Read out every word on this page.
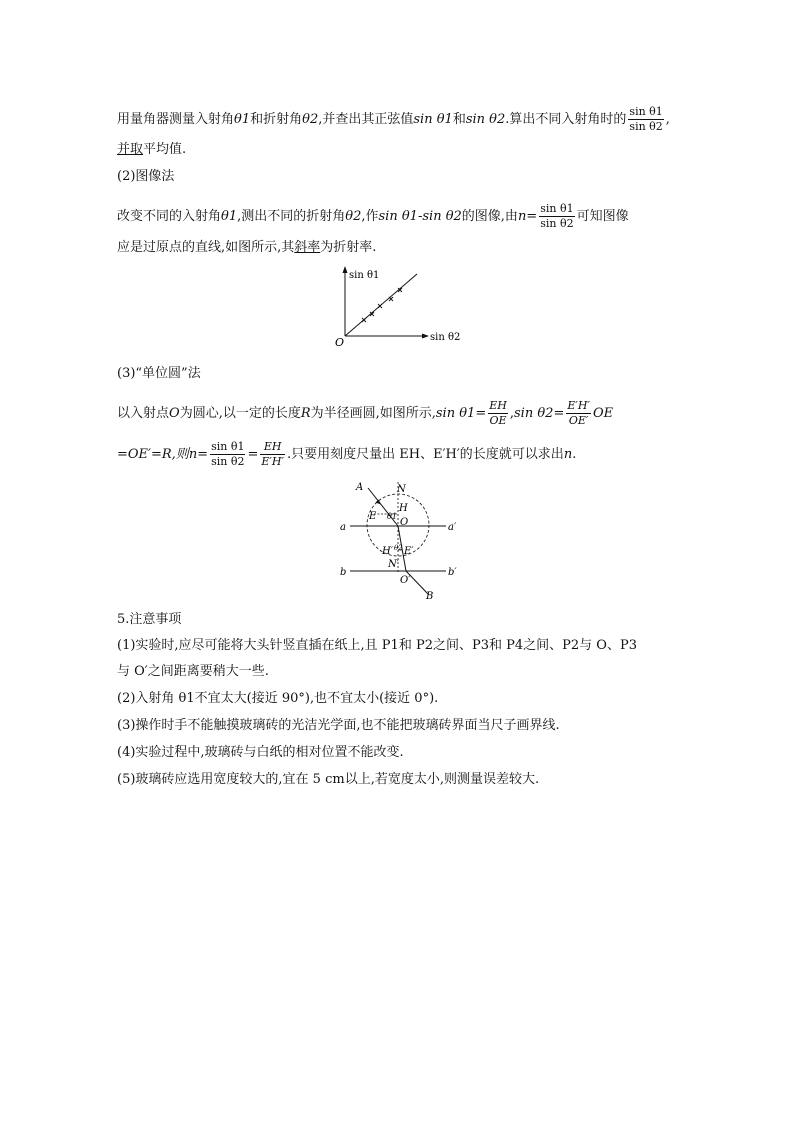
用量角器测量入射角θ1和折射角θ2,并查出其正弦值sin θ1和sin θ2.算出不同入射角时的 $\frac{\text{sin θ1}}{\text{sin θ2}}$ ,
并取平均值.
(2)图像法
改变不同的入射角θ1,测出不同的折射角θ2,作sin θ1-sin θ2的图像,由$n= \frac{\text{sin θ1}}{\text{sin θ2}}$ 可知图像
应是过原点的直线,如图所示,其斜率为折射率.
sin θ1
sin θ2
O
(3)“单位圆”法
以入射点O为圆心,以一定的长度R为半径画圆,如图所示,sin $\theta 1= \frac{EH}{OE} ,\sin$ $\theta 2= \frac{E'H'}{OE'}$ OE
=OE′=R,则$n= \frac{\text{sin θ1}}{\text{sin θ2}} = \frac{EH}{E'H'}$ .只要用刻度尺量出 EH、E′H′的长度就可以求出n.
A	N
E
H
θ1
O
a	a′
H′ θ2 E′
N′
b	b′
O′
B
5.注意事项
(1)实验时,应尽可能将大头针竖直插在纸上,且 P1和 P2之间、P3和 P4之间、P2与 O、P3
与 O′之间距离要稍大一些.
(2)入射角 θ1不宜太大(接近 90°),也不宜太小(接近 0°).
(3)操作时手不能触摸玻璃砖的光洁光学面,也不能把玻璃砖界面当尺子画界线.
(4)实验过程中,玻璃砖与白纸的相对位置不能改变.
(5)玻璃砖应选用宽度较大的,宜在 5 cm以上,若宽度太小,则测量误差较大.
